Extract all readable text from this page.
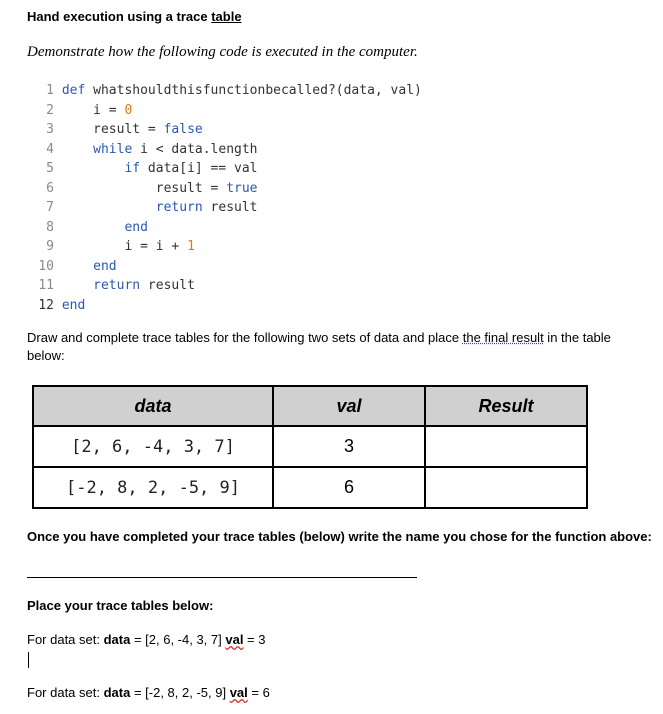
Hand execution using a trace table
Demonstrate how the following code is executed in the computer.
1 def whatshouldthisfunctionbecalled?(data, val)
2	i = 0
3	result = false
4	while i < data.length
5	if data[i] == val
6	result = true
7	return result
8	end
9	i = i + 1
10	end
11	return result
12 end
Draw and complete trace tables for the following two sets of data and place the final result in the table below:
data	val	Result
[2, 6, -4, 3, 7]	3	
[-2, 8, 2, -5, 9]	6	
Once you have completed your trace tables (below) write the name you chose for the function above:
Place your trace tables below:
For data set: data = [2, 6, -4, 3, 7] val = 3
For data set: data = [-2, 8, 2, -5, 9] val = 6
